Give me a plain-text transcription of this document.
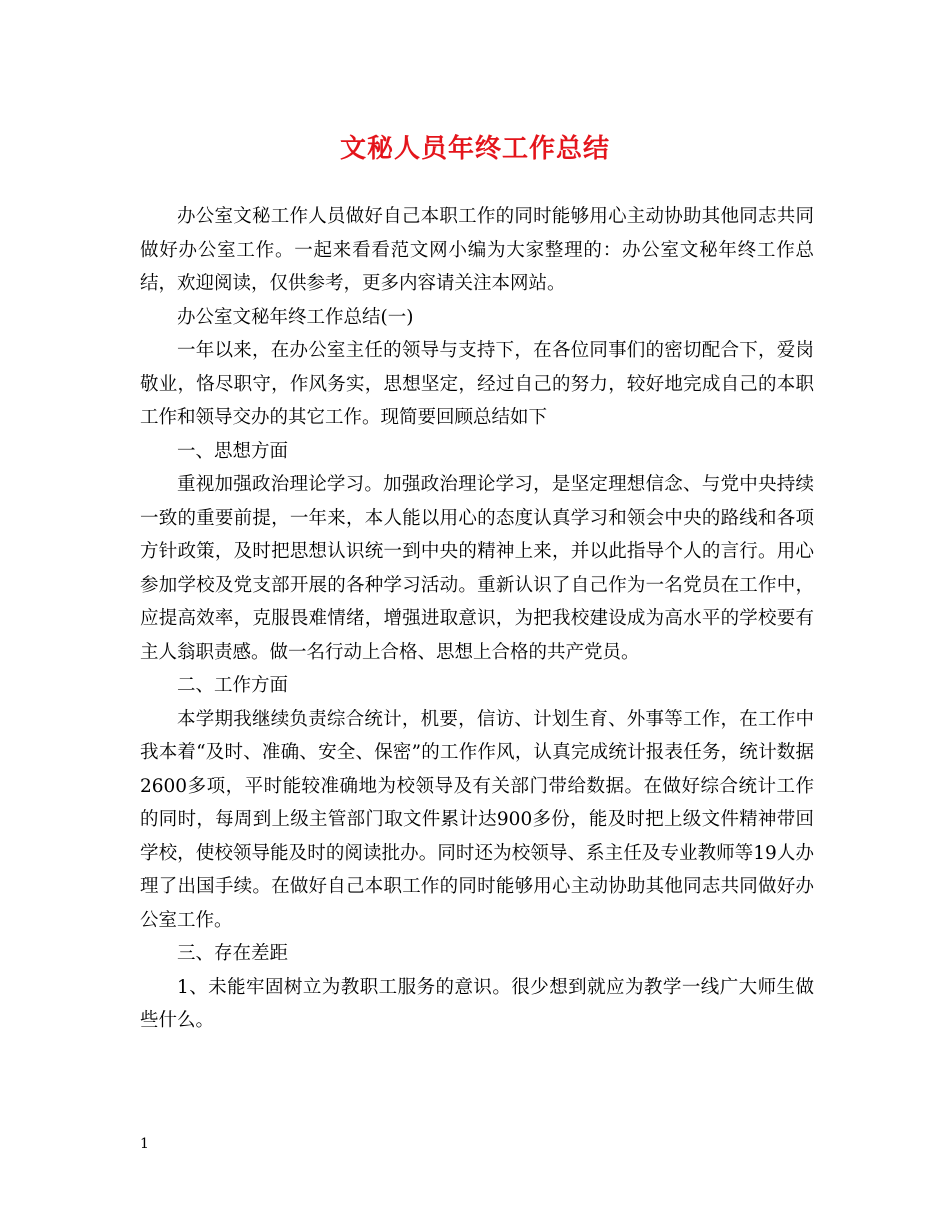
文秘人员年终工作总结

办公室文秘工作人员做好自己本职工作的同时能够用心主动协助其他同志共同做好办公室工作。一起来看看范文网小编为大家整理的：办公室文秘年终工作总结，欢迎阅读，仅供参考，更多内容请关注本网站。

办公室文秘年终工作总结(一)

一年以来，在办公室主任的领导与支持下，在各位同事们的密切配合下，爱岗敬业，恪尽职守，作风务实，思想坚定，经过自己的努力，较好地完成自己的本职工作和领导交办的其它工作。现简要回顾总结如下

一、思想方面

重视加强政治理论学习。加强政治理论学习，是坚定理想信念、与党中央持续一致的重要前提，一年来，本人能以用心的态度认真学习和领会中央的路线和各项方针政策，及时把思想认识统一到中央的精神上来，并以此指导个人的言行。用心参加学校及党支部开展的各种学习活动。重新认识了自己作为一名党员在工作中，应提高效率，克服畏难情绪，增强进取意识，为把我校建设成为高水平的学校要有主人翁职责感。做一名行动上合格、思想上合格的共产党员。

二、工作方面

本学期我继续负责综合统计，机要，信访、计划生育、外事等工作，在工作中我本着“及时、准确、安全、保密”的工作作风，认真完成统计报表任务，统计数据2600多项，平时能较准确地为校领导及有关部门带给数据。在做好综合统计工作的同时，每周到上级主管部门取文件累计达900多份，能及时把上级文件精神带回学校，使校领导能及时的阅读批办。同时还为校领导、系主任及专业教师等19人办理了出国手续。在做好自己本职工作的同时能够用心主动协助其他同志共同做好办公室工作。

三、存在差距

1、未能牢固树立为教职工服务的意识。很少想到就应为教学一线广大师生做些什么。

1
